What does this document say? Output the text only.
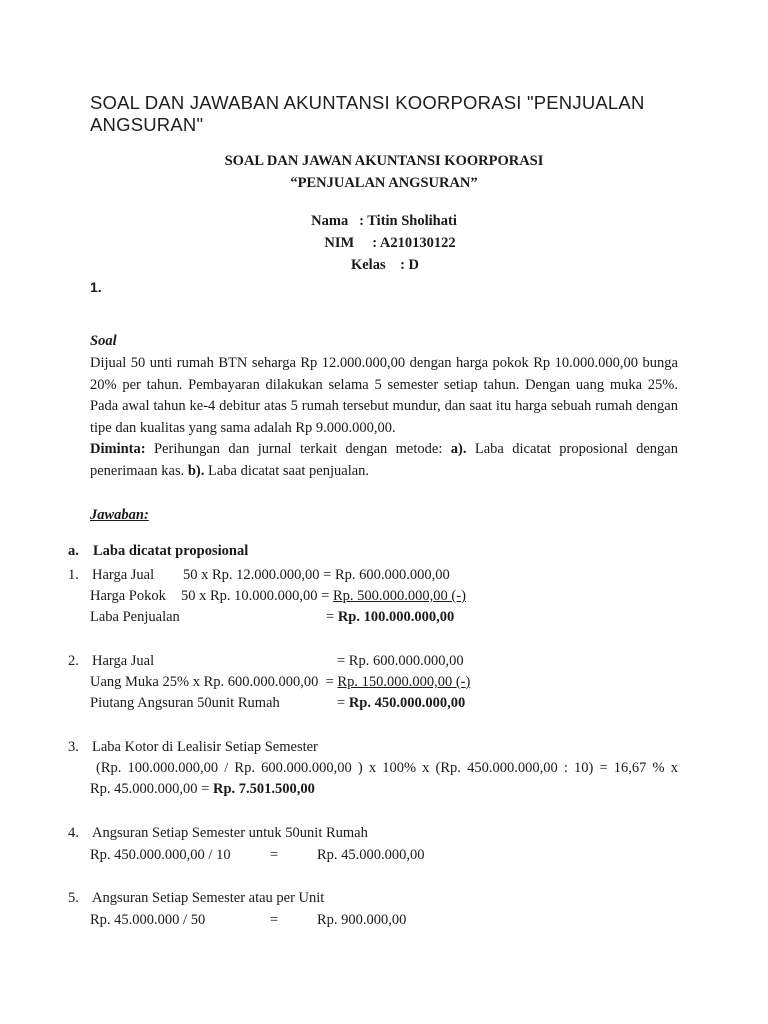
SOAL DAN JAWABAN AKUNTANSI KOORPORASI "PENJUALAN ANGSURAN"
SOAL DAN JAWAN AKUNTANSI KOORPORASI
“PENJUALAN ANGSURAN”
Nama   : Titin Sholihati
NIM     : A210130122
Kelas    : D
1.
Soal
Dijual 50 unti rumah BTN seharga Rp 12.000.000,00 dengan harga pokok Rp 10.000.000,00 bunga 20% per tahun. Pembayaran dilakukan selama 5 semester setiap tahun. Dengan uang muka 25%. Pada awal tahun ke-4 debitur atas 5 rumah tersebut mundur, dan saat itu harga sebuah rumah dengan tipe dan kualitas yang sama adalah Rp 9.000.000,00.
Diminta: Perihungan dan jurnal terkait dengan metode: a). Laba dicatat proposional dengan penerimaan kas. b). Laba dicatat saat penjualan.
Jawaban:
a. Laba dicatat proposional
1. Harga Jual 50 x Rp. 12.000.000,00 = Rp. 600.000.000,00
Harga Pokok 50 x Rp. 10.000.000,00 = Rp. 500.000.000,00 (-)
Laba Penjualan	= Rp. 100.000.000,00
2. Harga Jual	= Rp. 600.000.000,00
Uang Muka 25% x Rp. 600.000.000,00  = Rp. 150.000.000,00 (-)
Piutang Angsuran 50unit Rumah	= Rp. 450.000.000,00
3. Laba Kotor di Lealisir Setiap Semester
(Rp. 100.000.000,00 / Rp. 600.000.000,00 ) x 100% x (Rp. 450.000.000,00 : 10) = 16,67 % x
Rp. 45.000.000,00 = Rp. 7.501.500,00
4. Angsuran Setiap Semester untuk 50unit Rumah
Rp. 450.000.000,00 / 10	=	Rp. 45.000.000,00
5. Angsuran Setiap Semester atau per Unit
Rp. 45.000.000 / 50	=	Rp. 900.000,00
